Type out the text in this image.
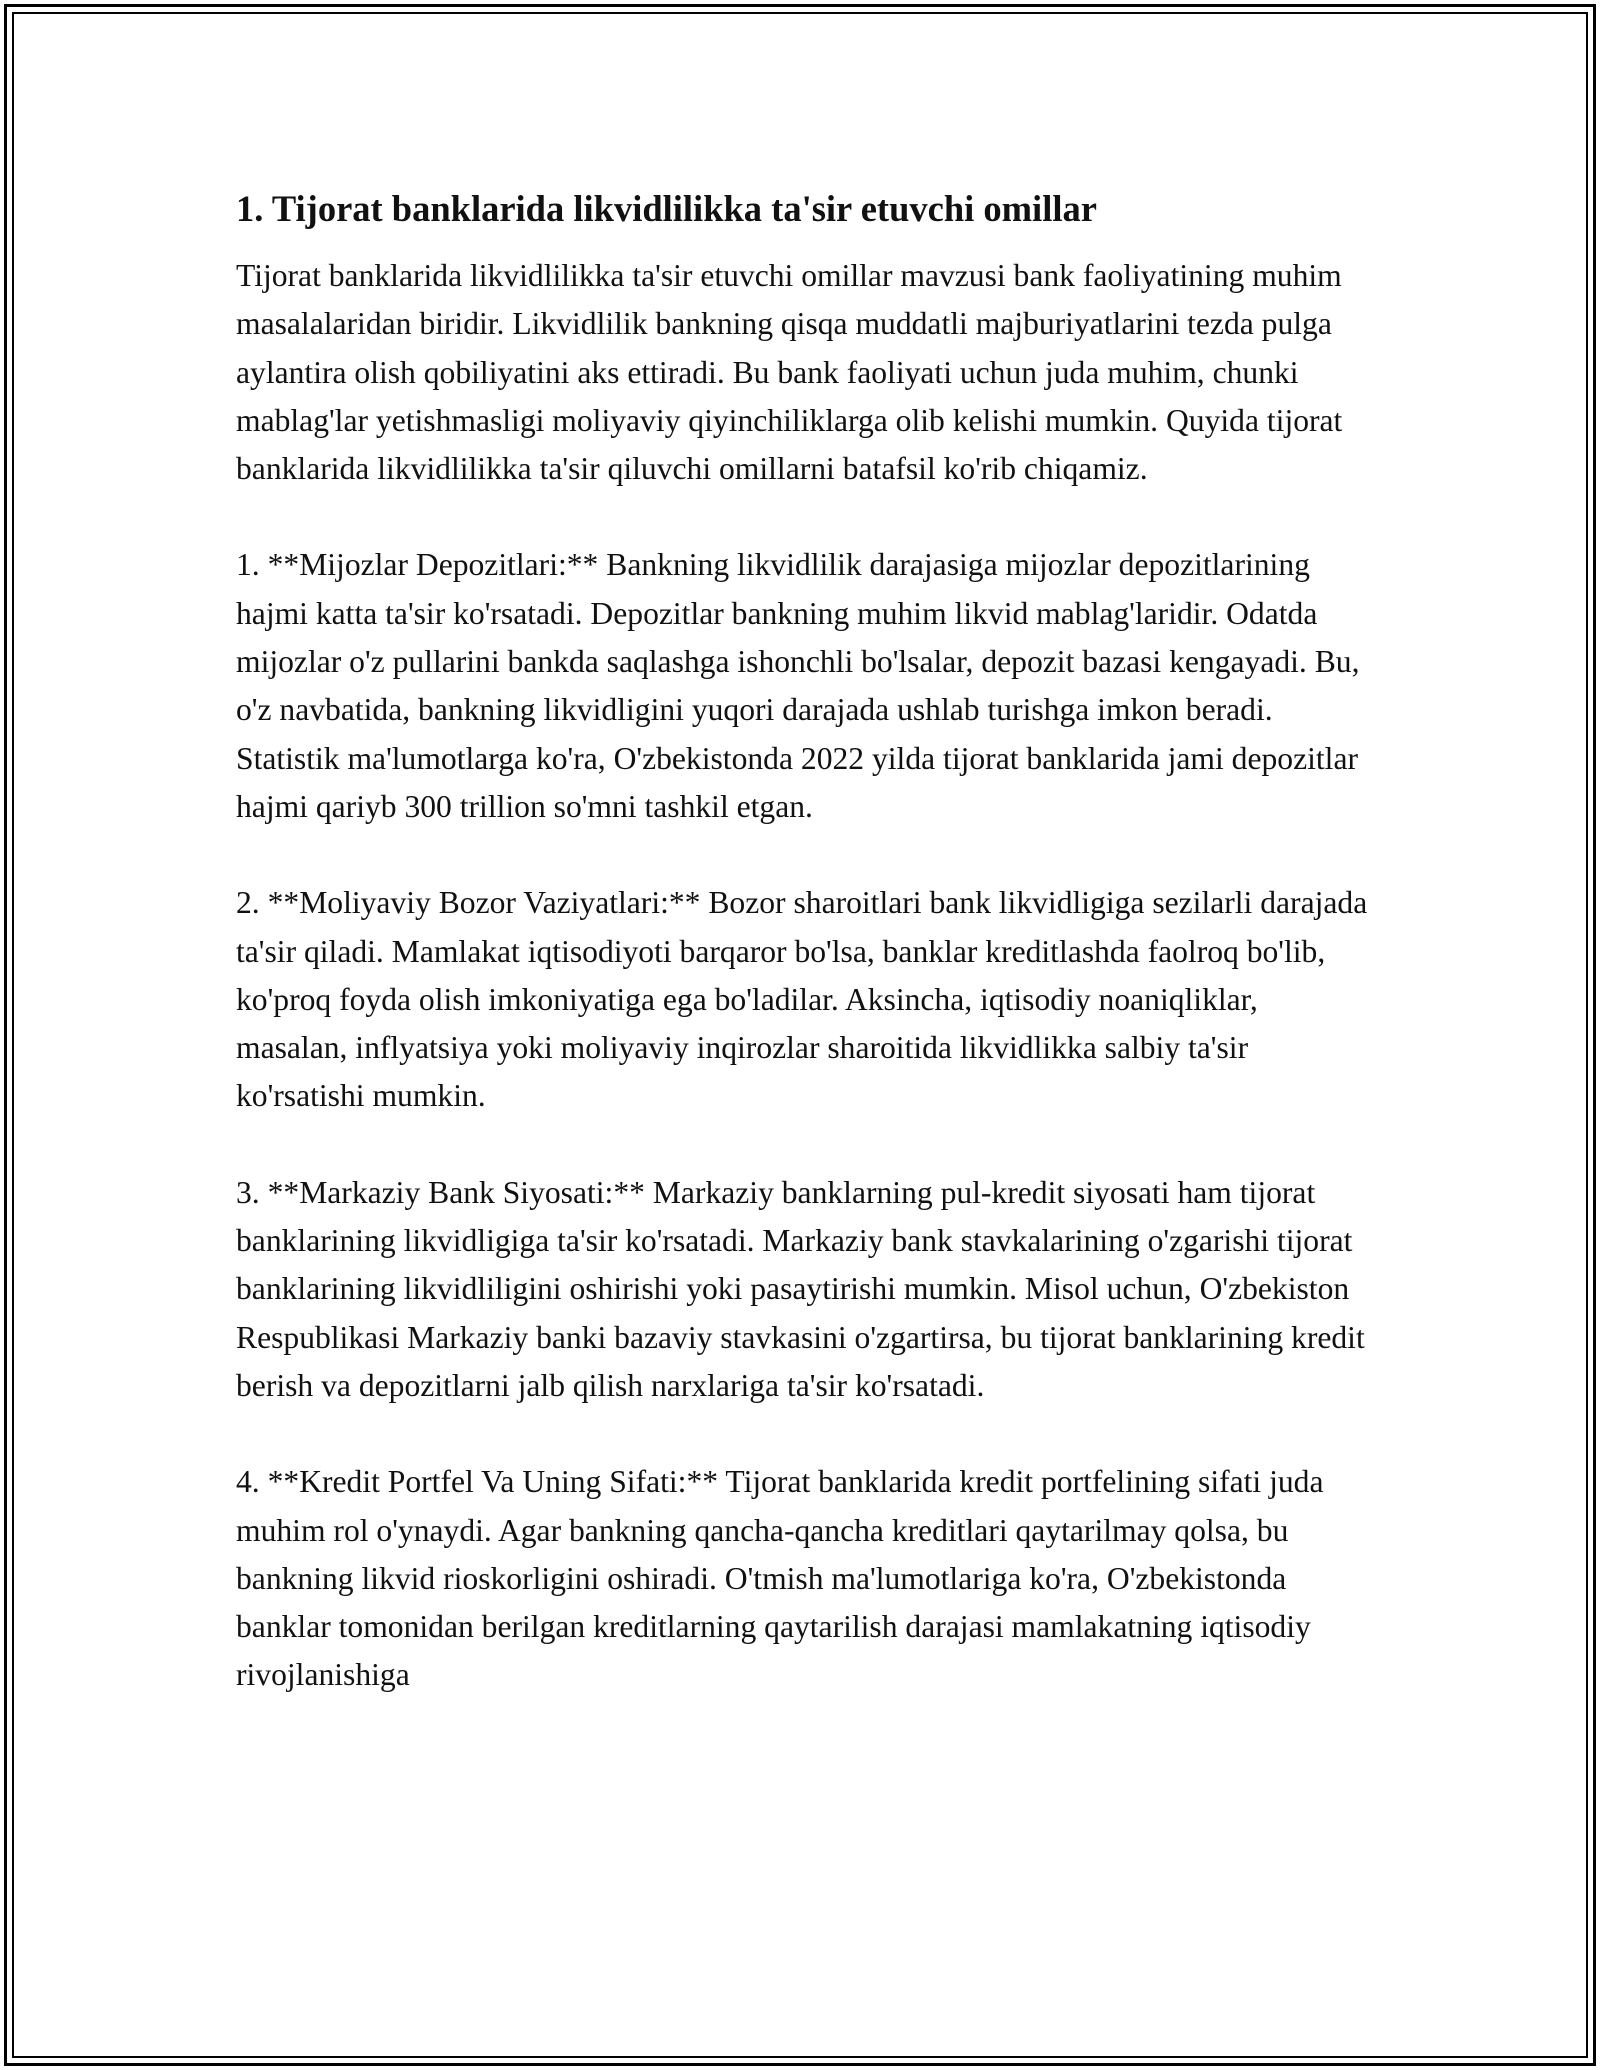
1. Tijorat banklarida likvidlilikka ta'sir etuvchi omillar

Tijorat banklarida likvidlilikka ta'sir etuvchi omillar mavzusi bank faoliyatining muhim masalalaridan biridir. Likvidlilik bankning qisqa muddatli majburiyatlarini tezda pulga aylantira olish qobiliyatini aks ettiradi. Bu bank faoliyati uchun juda muhim, chunki mablag'lar yetishmasligi moliyaviy qiyinchiliklarga olib kelishi mumkin. Quyida tijorat banklarida likvidlilikka ta'sir qiluvchi omillarni batafsil ko'rib chiqamiz.

1. **Mijozlar Depozitlari:** Bankning likvidlilik darajasiga mijozlar depozitlarining hajmi katta ta'sir ko'rsatadi. Depozitlar bankning muhim likvid mablag'laridir. Odatda mijozlar o'z pullarini bankda saqlashga ishonchli bo'lsalar, depozit bazasi kengayadi. Bu, o'z navbatida, bankning likvidligini yuqori darajada ushlab turishga imkon beradi. Statistik ma'lumotlarga ko'ra, O'zbekistonda 2022 yilda tijorat banklarida jami depozitlar hajmi qariyb 300 trillion so'mni tashkil etgan.

2. **Moliyaviy Bozor Vaziyatlari:** Bozor sharoitlari bank likvidligiga sezilarli darajada ta'sir qiladi. Mamlakat iqtisodiyoti barqaror bo'lsa, banklar kreditlashda faolroq bo'lib, ko'proq foyda olish imkoniyatiga ega bo'ladilar. Aksincha, iqtisodiy noaniqliklar, masalan, inflyatsiya yoki moliyaviy inqirozlar sharoitida likvidlikka salbiy ta'sir ko'rsatishi mumkin.

3. **Markaziy Bank Siyosati:** Markaziy banklarning pul-kredit siyosati ham tijorat banklarining likvidligiga ta'sir ko'rsatadi. Markaziy bank stavkalarining o'zgarishi tijorat banklarining likvidliligini oshirishi yoki pasaytirishi mumkin. Misol uchun, O'zbekiston Respublikasi Markaziy banki bazaviy stavkasini o'zgartirsa, bu tijorat banklarining kredit berish va depozitlarni jalb qilish narxlariga ta'sir ko'rsatadi.

4. **Kredit Portfel Va Uning Sifati:** Tijorat banklarida kredit portfelining sifati juda muhim rol o'ynaydi. Agar bankning qancha-qancha kreditlari qaytarilmay qolsa, bu bankning likvid rioskorligini oshiradi. O'tmish ma'lumotlariga ko'ra, O'zbekistonda banklar tomonidan berilgan kreditlarning qaytarilish darajasi mamlakatning iqtisodiy rivojlanishiga
